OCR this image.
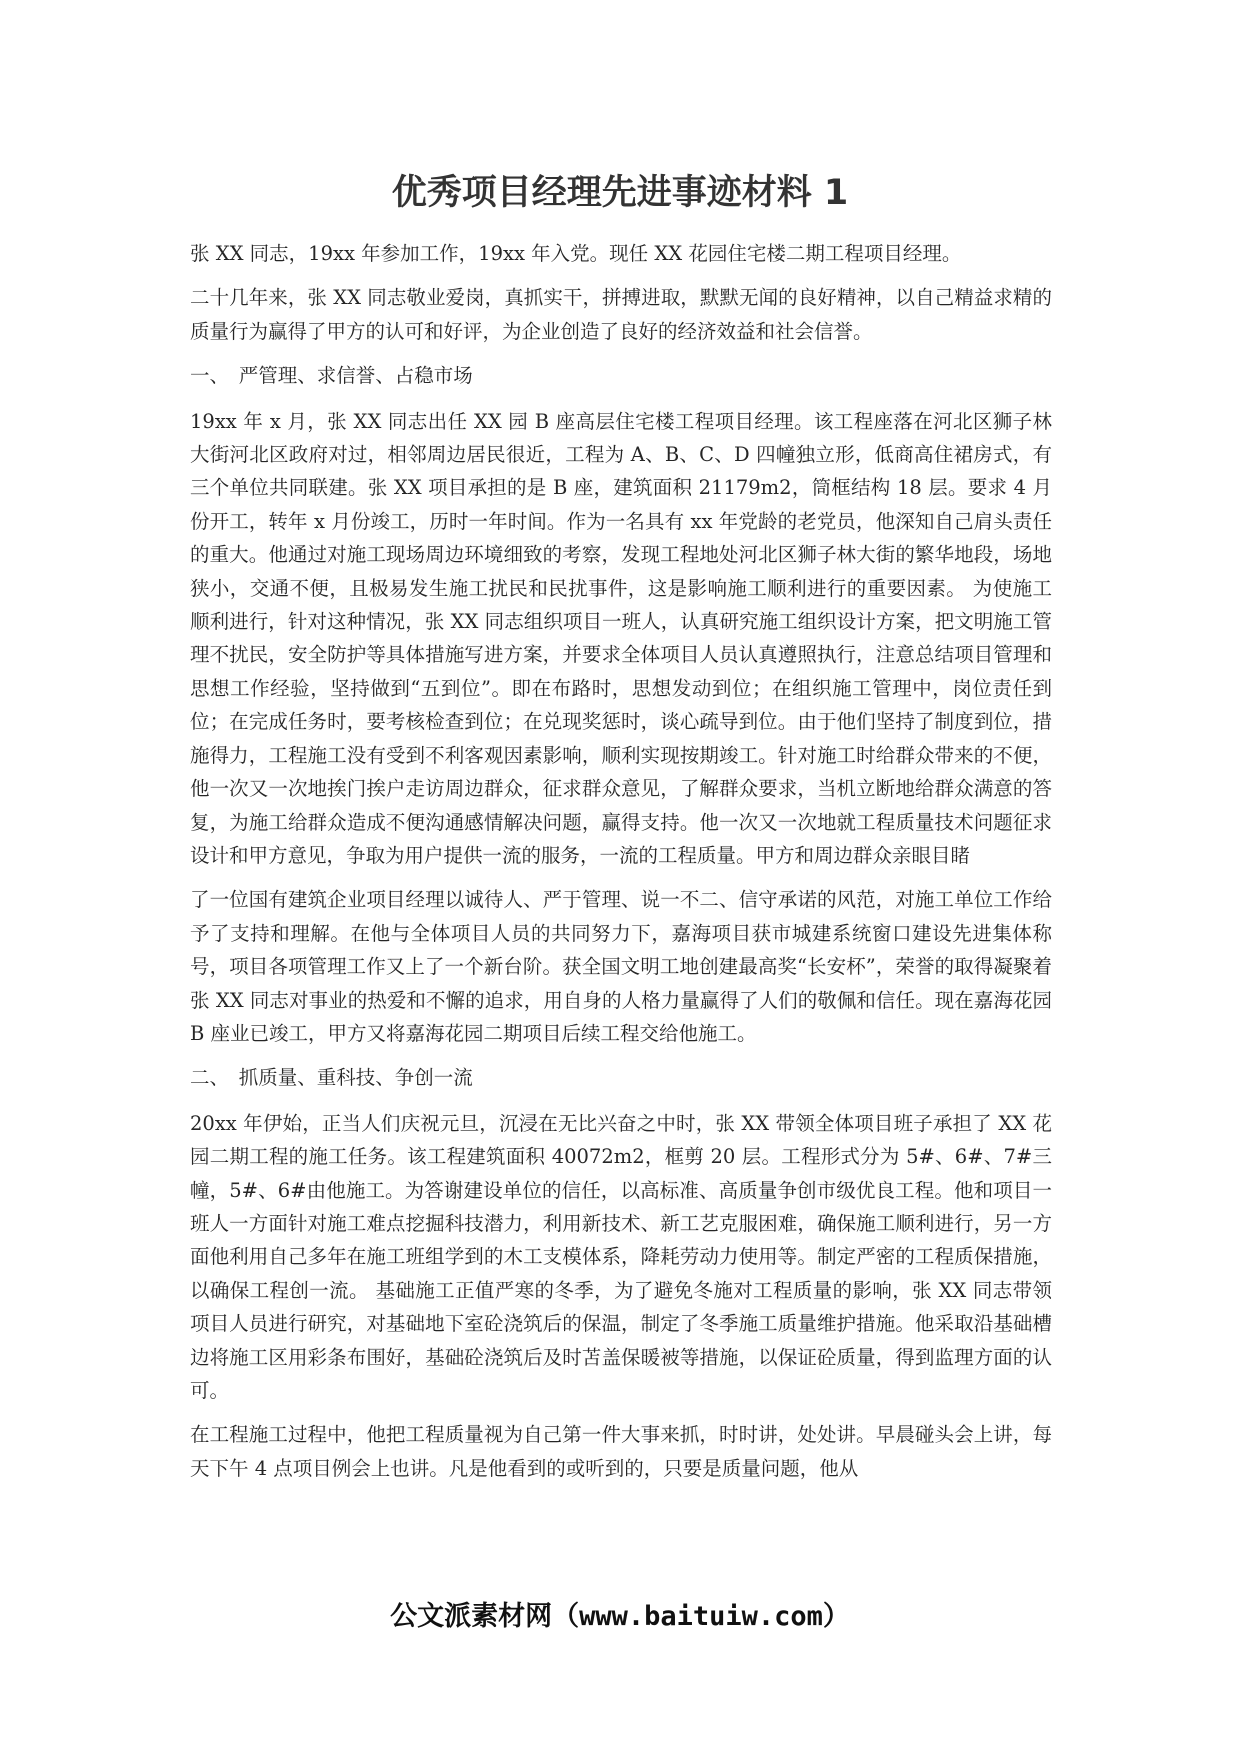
优秀项目经理先进事迹材料 1

张 XX 同志，19xx 年参加工作，19xx 年入党。现任 XX 花园住宅楼二期工程项目经理。

二十几年来，张 XX 同志敬业爱岗，真抓实干，拼搏进取，默默无闻的良好精神，以自己精益求精的质量行为赢得了甲方的认可和好评，为企业创造了良好的经济效益和社会信誉。

一、　严管理、求信誉、占稳市场

19xx 年 x 月，张 XX 同志出任 XX 园 B 座高层住宅楼工程项目经理。该工程座落在河北区狮子林大街河北区政府对过，相邻周边居民很近，工程为 A、B、C、D 四幢独立形，低商高住裙房式，有三个单位共同联建。张 XX 项目承担的是 B 座，建筑面积 21179m2，筒框结构 18 层。要求 4 月份开工，转年 x 月份竣工，历时一年时间。作为一名具有 xx 年党龄的老党员，他深知自己肩头责任的重大。他通过对施工现场周边环境细致的考察，发现工程地处河北区狮子林大街的繁华地段，场地狭小，交通不便，且极易发生施工扰民和民扰事件，这是影响施工顺利进行的重要因素。 为使施工顺利进行，针对这种情况，张 XX 同志组织项目一班人，认真研究施工组织设计方案，把文明施工管理不扰民，安全防护等具体措施写进方案，并要求全体项目人员认真遵照执行，注意总结项目管理和思想工作经验，坚持做到“五到位”。即在布路时，思想发动到位；在组织施工管理中，岗位责任到位；在完成任务时，要考核检查到位；在兑现奖惩时，谈心疏导到位。由于他们坚持了制度到位，措施得力，工程施工没有受到不利客观因素影响，顺利实现按期竣工。针对施工时给群众带来的不便，他一次又一次地挨门挨户走访周边群众，征求群众意见，了解群众要求，当机立断地给群众满意的答复，为施工给群众造成不便沟通感情解决问题，赢得支持。他一次又一次地就工程质量技术问题征求设计和甲方意见，争取为用户提供一流的服务，一流的工程质量。甲方和周边群众亲眼目睹

了一位国有建筑企业项目经理以诚待人、严于管理、说一不二、信守承诺的风范，对施工单位工作给予了支持和理解。在他与全体项目人员的共同努力下，嘉海项目获市城建系统窗口建设先进集体称号，项目各项管理工作又上了一个新台阶。获全国文明工地创建最高奖“长安杯”，荣誉的取得凝聚着张 XX 同志对事业的热爱和不懈的追求，用自身的人格力量赢得了人们的敬佩和信任。现在嘉海花园 B 座业已竣工，甲方又将嘉海花园二期项目后续工程交给他施工。

二、　抓质量、重科技、争创一流

20xx 年伊始，正当人们庆祝元旦，沉浸在无比兴奋之中时，张 XX 带领全体项目班子承担了 XX 花园二期工程的施工任务。该工程建筑面积 40072m2，框剪 20 层。工程形式分为 5#、6#、7#三幢，5#、6#由他施工。为答谢建设单位的信任，以高标准、高质量争创市级优良工程。他和项目一班人一方面针对施工难点挖掘科技潜力，利用新技术、新工艺克服困难，确保施工顺利进行，另一方面他利用自己多年在施工班组学到的木工支模体系，降耗劳动力使用等。制定严密的工程质保措施，以确保工程创一流。 基础施工正值严寒的冬季，为了避免冬施对工程质量的影响，张 XX 同志带领项目人员进行研究，对基础地下室砼浇筑后的保温，制定了冬季施工质量维护措施。他采取沿基础槽边将施工区用彩条布围好，基础砼浇筑后及时苫盖保暖被等措施，以保证砼质量，得到监理方面的认可。

在工程施工过程中，他把工程质量视为自己第一件大事来抓，时时讲，处处讲。早晨碰头会上讲，每天下午 4 点项目例会上也讲。凡是他看到的或听到的，只要是质量问题，他从

公文派素材网（www.baituiw.com）
